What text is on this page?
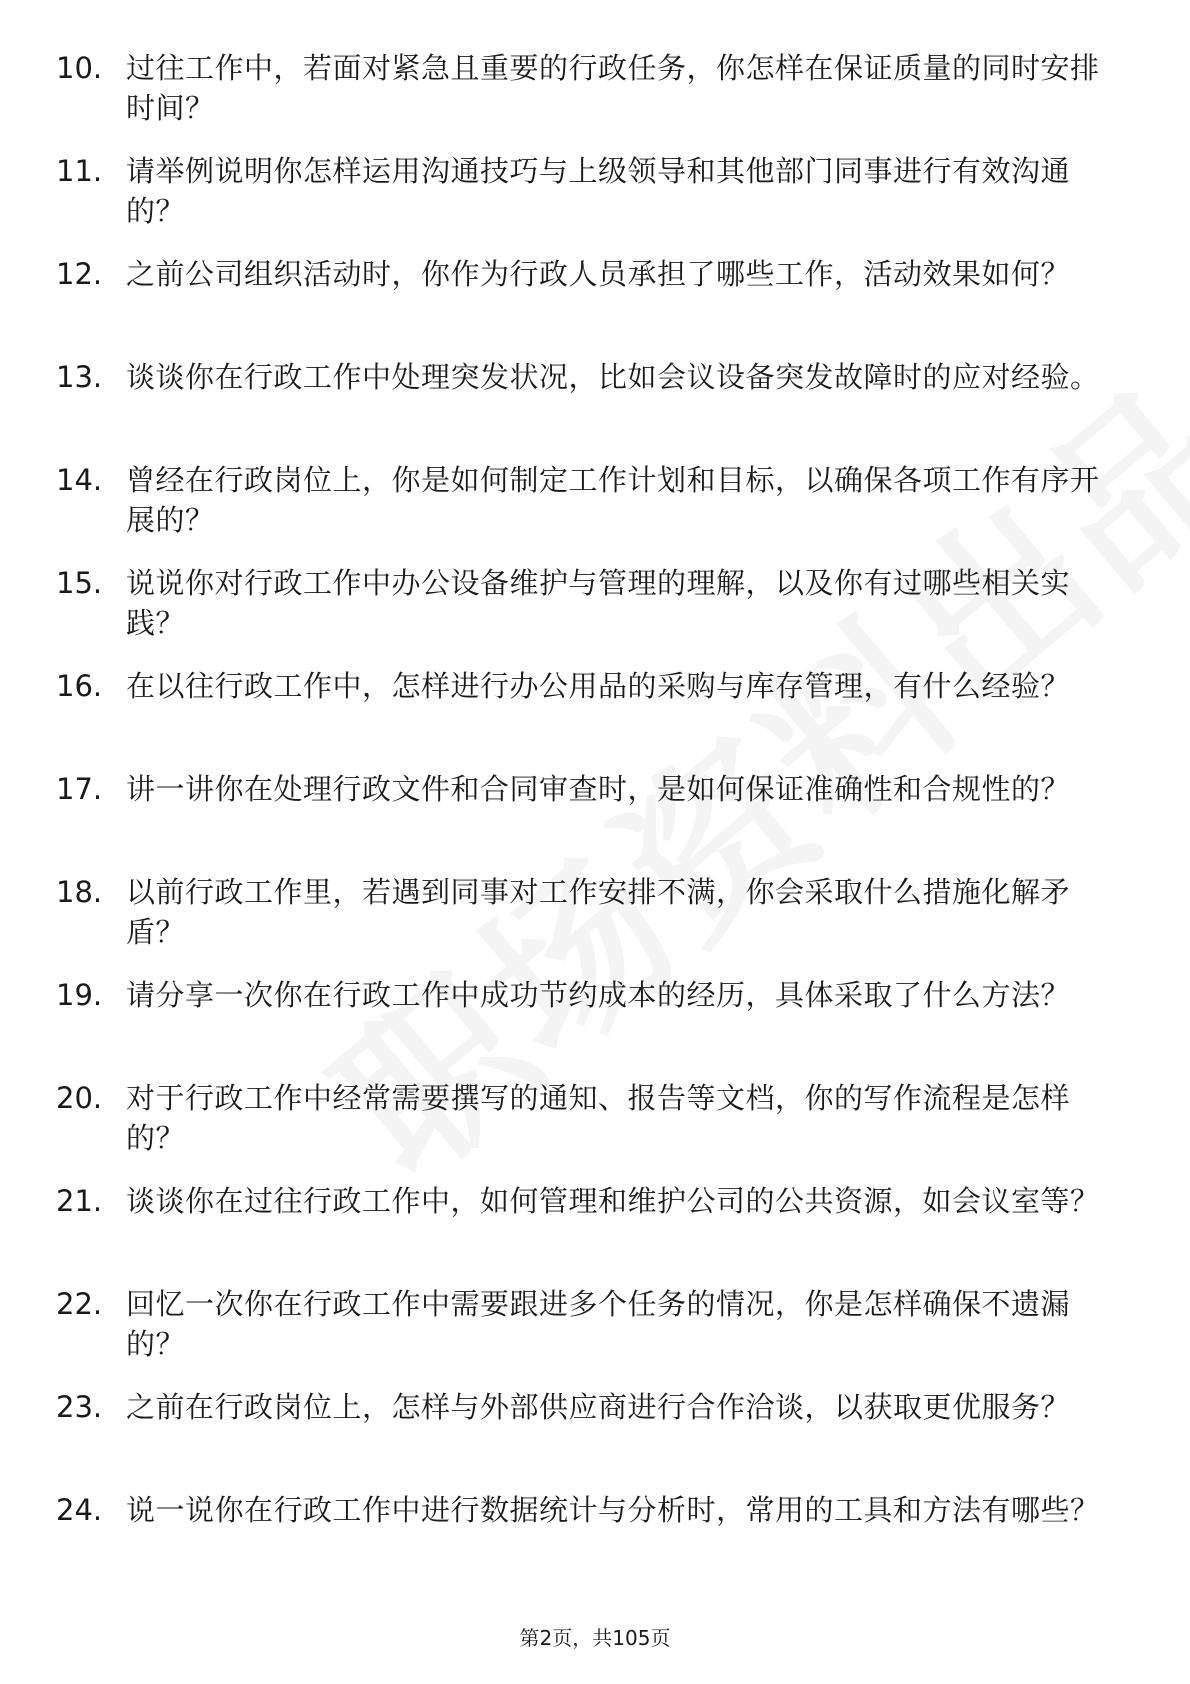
10. 过往工作中，若面对紧急且重要的行政任务，你怎样在保证质量的同时安排时间？
11. 请举例说明你怎样运用沟通技巧与上级领导和其他部门同事进行有效沟通的？
12. 之前公司组织活动时，你作为行政人员承担了哪些工作，活动效果如何？
13. 谈谈你在行政工作中处理突发状况，比如会议设备突发故障时的应对经验。
14. 曾经在行政岗位上，你是如何制定工作计划和目标，以确保各项工作有序开展的？
15. 说说你对行政工作中办公设备维护与管理的理解，以及你有过哪些相关实践？
16. 在以往行政工作中，怎样进行办公用品的采购与库存管理，有什么经验？
17. 讲一讲你在处理行政文件和合同审查时，是如何保证准确性和合规性的？
18. 以前行政工作里，若遇到同事对工作安排不满，你会采取什么措施化解矛盾？
19. 请分享一次你在行政工作中成功节约成本的经历，具体采取了什么方法？
20. 对于行政工作中经常需要撰写的通知、报告等文档，你的写作流程是怎样的？
21. 谈谈你在过往行政工作中，如何管理和维护公司的公共资源，如会议室等？
22. 回忆一次你在行政工作中需要跟进多个任务的情况，你是怎样确保不遗漏的？
23. 之前在行政岗位上，怎样与外部供应商进行合作洽谈，以获取更优服务？
24. 说一说你在行政工作中进行数据统计与分析时，常用的工具和方法有哪些？
第2页，共105页
